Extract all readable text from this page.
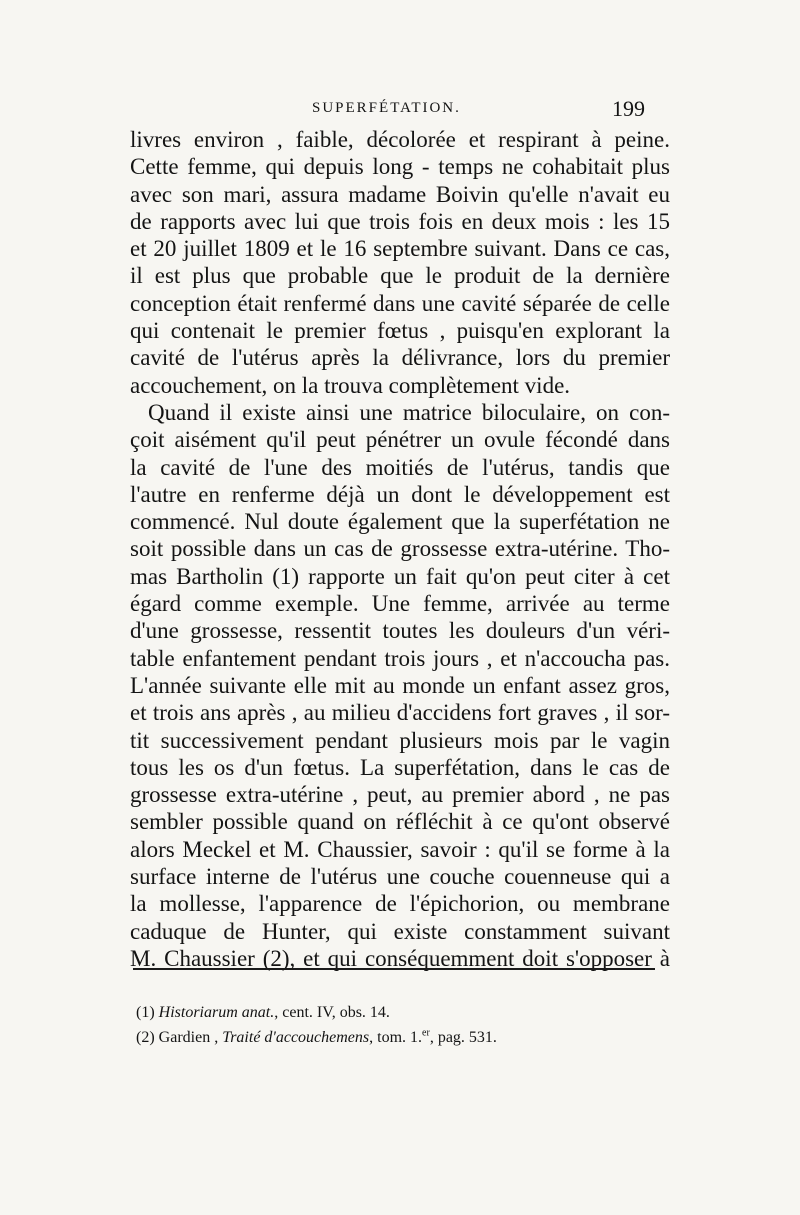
SUPERFÉTATION.	199
livres environ , faible, décolorée et respirant à peine.
Cette femme, qui depuis long - temps ne cohabitait plus
avec son mari, assura madame Boivin qu'elle n'avait eu
de rapports avec lui que trois fois en deux mois : les 15
et 20 juillet 1809 et le 16 septembre suivant. Dans ce cas,
il est plus que probable que le produit de la dernière
conception était renfermé dans une cavité séparée de celle
qui contenait le premier fœtus , puisqu'en explorant la
cavité de l'utérus après la délivrance, lors du premier
accouchement, on la trouva complètement vide.
Quand il existe ainsi une matrice biloculaire, on con-
çoit aisément qu'il peut pénétrer un ovule fécondé dans
la cavité de l'une des moitiés de l'utérus, tandis que
l'autre en renferme déjà un dont le développement est
commencé. Nul doute également que la superfétation ne
soit possible dans un cas de grossesse extra-utérine. Tho-
mas Bartholin (1) rapporte un fait qu'on peut citer à cet
égard comme exemple. Une femme, arrivée au terme
d'une grossesse, ressentit toutes les douleurs d'un véri-
table enfantement pendant trois jours , et n'accoucha pas.
L'année suivante elle mit au monde un enfant assez gros,
et trois ans après , au milieu d'accidens fort graves , il sor-
tit successivement pendant plusieurs mois par le vagin
tous les os d'un fœtus. La superfétation, dans le cas de
grossesse extra-utérine , peut, au premier abord , ne pas
sembler possible quand on réfléchit à ce qu'ont observé
alors Meckel et M. Chaussier, savoir : qu'il se forme à la
surface interne de l'utérus une couche couenneuse qui a
la mollesse, l'apparence de l'épichorion, ou membrane
caduque de Hunter, qui existe constamment suivant
M. Chaussier (2), et qui conséquemment doit s'opposer à
(1) Historiarum anat., cent. IV, obs. 14.
(2) Gardien , Traité d'accouchemens, tom. 1.$^{er}$, pag. 531.
